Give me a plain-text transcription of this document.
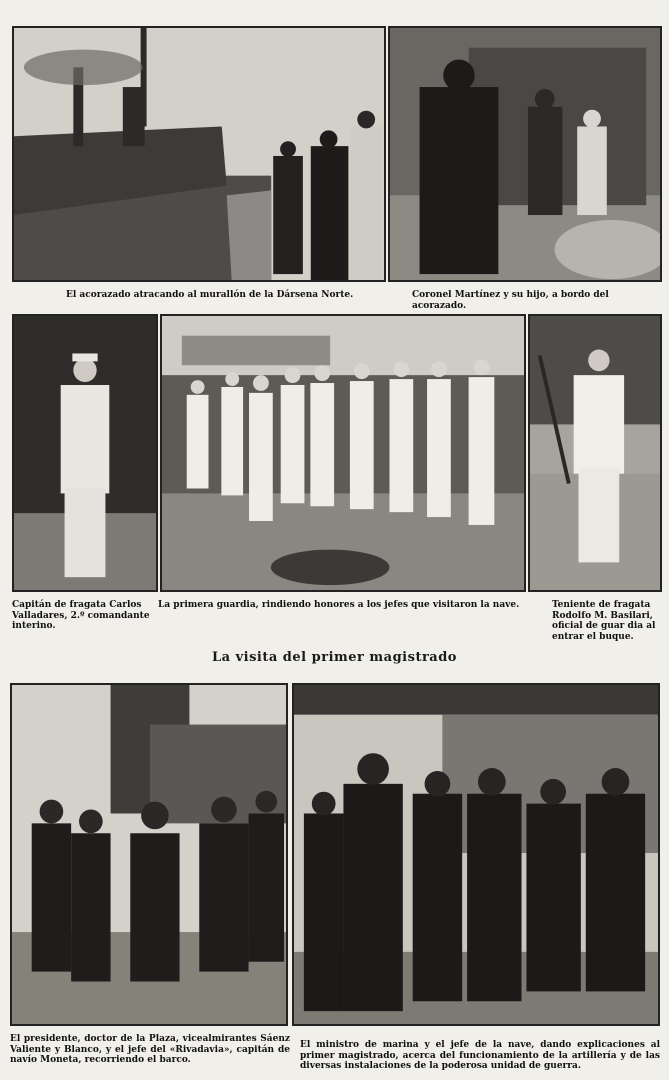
El acorazado atracando al murallón de la Dársena Norte.	Coronel Martínez y su hijo, a bordo del acorazado.
Capitán de fragata Carlos Valladares, 2.º comandante interino.
La primera guardia, rindiendo honores a los jefes que visitaron la nave.	Teniente de fragata Rodolfo M. Basilari, oficial de guar dia al entrar el buque.
La visita del primer magistrado
El presidente, doctor de la Plaza, vicealmirantes Sáenz Valiente y Blanco, y el jefe del «Rivadavia», capitán de navío Moneta, recorriendo el barco.
El ministro de marina y el jefe de la nave, dando explicaciones al primer magistrado, acerca del funcionamiento de la artillería y de las diversas instalaciones de la poderosa unidad de guerra.
